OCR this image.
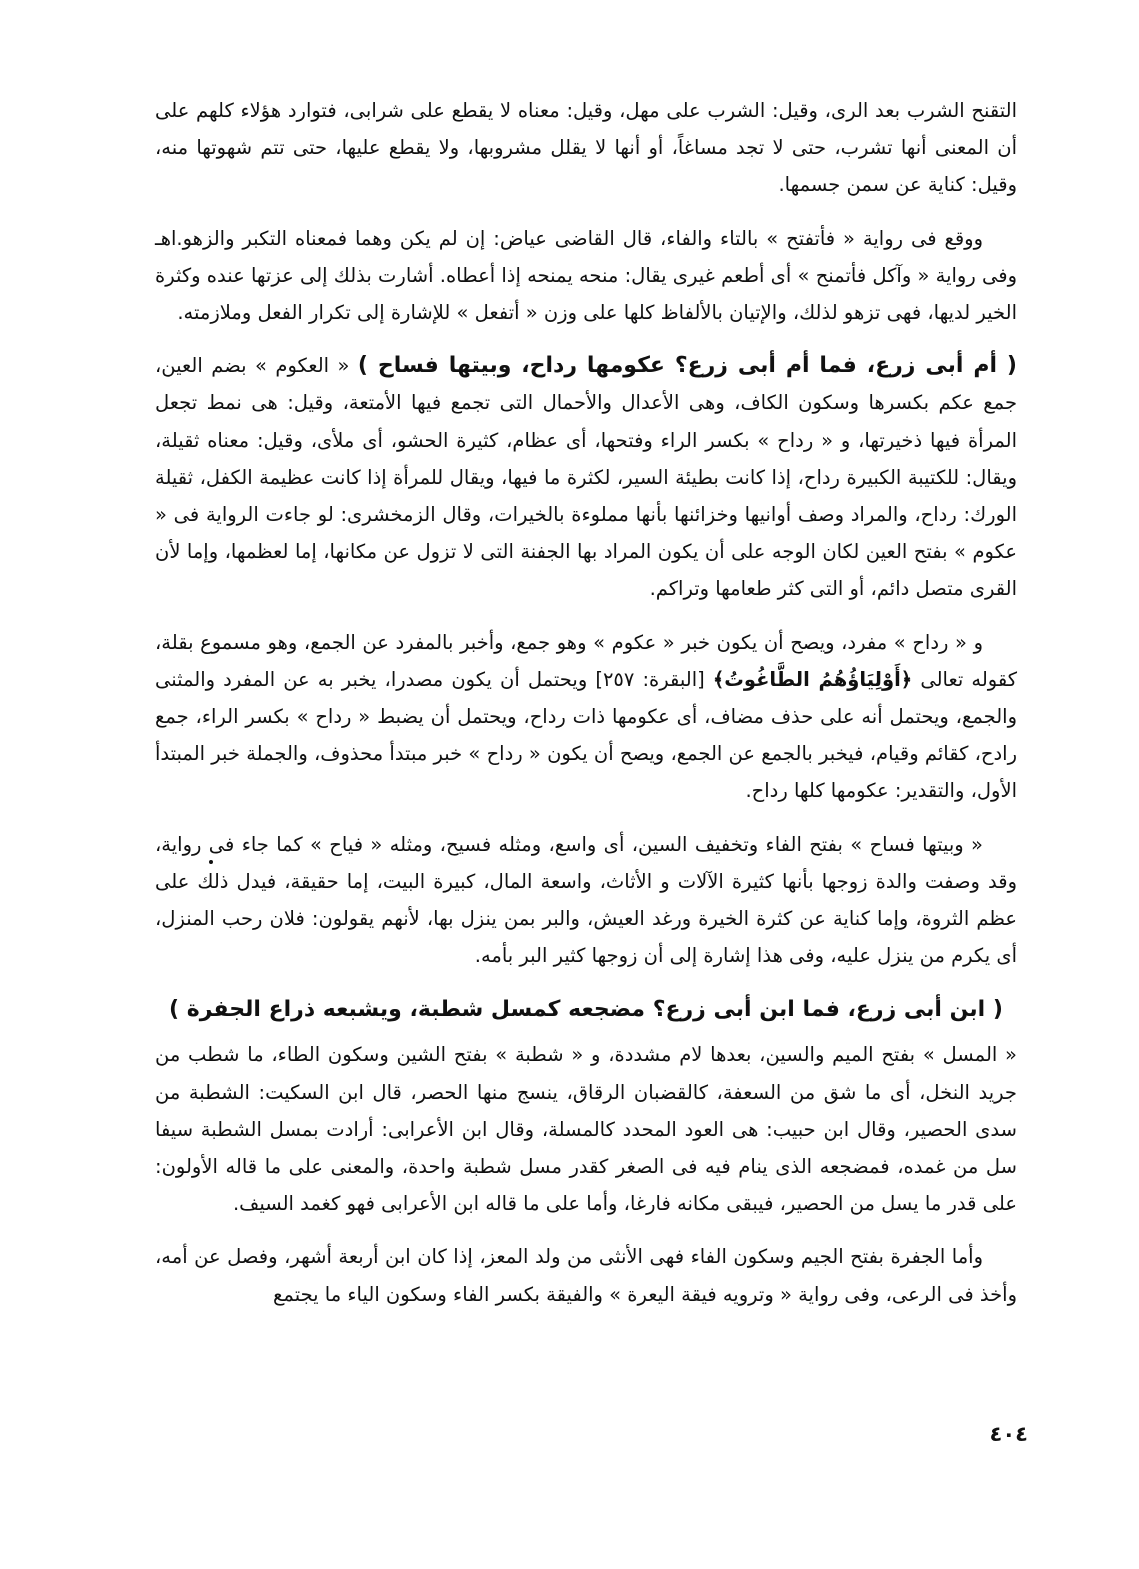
التقنح الشرب بعد الرى، وقيل: الشرب على مهل، وقيل: معناه لا يقطع على شرابى، فتوارد هؤلاء كلهم على أن المعنى أنها تشرب، حتى لا تجد مساغاً، أو أنها لا يقلل مشروبها، ولا يقطع عليها، حتى تتم شهوتها منه، وقيل: كناية عن سمن جسمها.

ووقع فى رواية « فأتفتح » بالتاء والفاء، قال القاضى عياض: إن لم يكن وهما فمعناه التكبر والزهو.اهـ وفى رواية « وآكل فأتمنح » أى أطعم غيرى يقال: منحه يمنحه إذا أعطاه. أشارت بذلك إلى عزتها عنده وكثرة الخير لديها، فهى تزهو لذلك، والإتيان بالألفاظ كلها على وزن « أتفعل » للإشارة إلى تكرار الفعل وملازمته.

( أم أبى زرع، فما أم أبى زرع؟ عكومها رداح، وبيتها فساح ) « العكوم » بضم العين، جمع عكم بكسرها وسكون الكاف، وهى الأعدال والأحمال التى تجمع فيها الأمتعة، وقيل: هى نمط تجعل المرأة فيها ذخيرتها، و « رداح » بكسر الراء وفتحها، أى عظام، كثيرة الحشو، أى ملأى، وقيل: معناه ثقيلة، ويقال: للكتيبة الكبيرة رداح، إذا كانت بطيئة السير، لكثرة ما فيها، ويقال للمرأة إذا كانت عظيمة الكفل، ثقيلة الورك: رداح، والمراد وصف أوانيها وخزائنها بأنها مملوءة بالخيرات، وقال الزمخشرى: لو جاءت الرواية فى « عكوم » بفتح العين لكان الوجه على أن يكون المراد بها الجفنة التى لا تزول عن مكانها، إما لعظمها، وإما لأن القرى متصل دائم، أو التى كثر طعامها وتراكم.

و « رداح » مفرد، ويصح أن يكون خبر « عكوم » وهو جمع، وأخبر بالمفرد عن الجمع، وهو مسموع بقلة، كقوله تعالى ﴿أَوْلِيَاؤُهُمُ الطَّاغُوتُ﴾ [البقرة: ٢٥٧] ويحتمل أن يكون مصدرا، يخبر به عن المفرد والمثنى والجمع، ويحتمل أنه على حذف مضاف، أى عكومها ذات رداح، ويحتمل أن يضبط « رداح » بكسر الراء، جمع رادح، كقائم وقيام، فيخبر بالجمع عن الجمع، ويصح أن يكون « رداح » خبر مبتدأ محذوف، والجملة خبر المبتدأ الأول، والتقدير: عكومها كلها رداح.

« وبيتها فساح » بفتح الفاء وتخفيف السين، أى واسع، ومثله فسيح، ومثله « فياح » كما جاء فى رواية، وقد وصفت والدة زوجها بأنها كثيرة الآلات و الأثاث، واسعة المال، كبيرة البيت، إما حقيقة، فيدل ذلك على عظم الثروة، وإما كناية عن كثرة الخيرة ورغد العيش، والبر بمن ينزل بها، لأنهم يقولون: فلان رحب المنزل، أى يكرم من ينزل عليه، وفى هذا إشارة إلى أن زوجها كثير البر بأمه.

( ابن أبى زرع، فما ابن أبى زرع؟ مضجعه كمسل شطبة، ويشبعه ذراع الجفرة )

« المسل » بفتح الميم والسين، بعدها لام مشددة، و « شطبة » بفتح الشين وسكون الطاء، ما شطب من جريد النخل، أى ما شق من السعفة، كالقضبان الرقاق، ينسج منها الحصر، قال ابن السكيت: الشطبة من سدى الحصير، وقال ابن حبيب: هى العود المحدد كالمسلة، وقال ابن الأعرابى: أرادت بمسل الشطبة سيفا سل من غمده، فمضجعه الذى ينام فيه فى الصغر كقدر مسل شطبة واحدة، والمعنى على ما قاله الأولون: على قدر ما يسل من الحصير، فيبقى مكانه فارغا، وأما على ما قاله ابن الأعرابى فهو كغمد السيف.

وأما الجفرة بفتح الجيم وسكون الفاء فهى الأنثى من ولد المعز، إذا كان ابن أربعة أشهر، وفصل عن أمه، وأخذ فى الرعى، وفى رواية « وترويه فيقة اليعرة » والفيقة بكسر الفاء وسكون الياء ما يجتمع

٤٠٤
